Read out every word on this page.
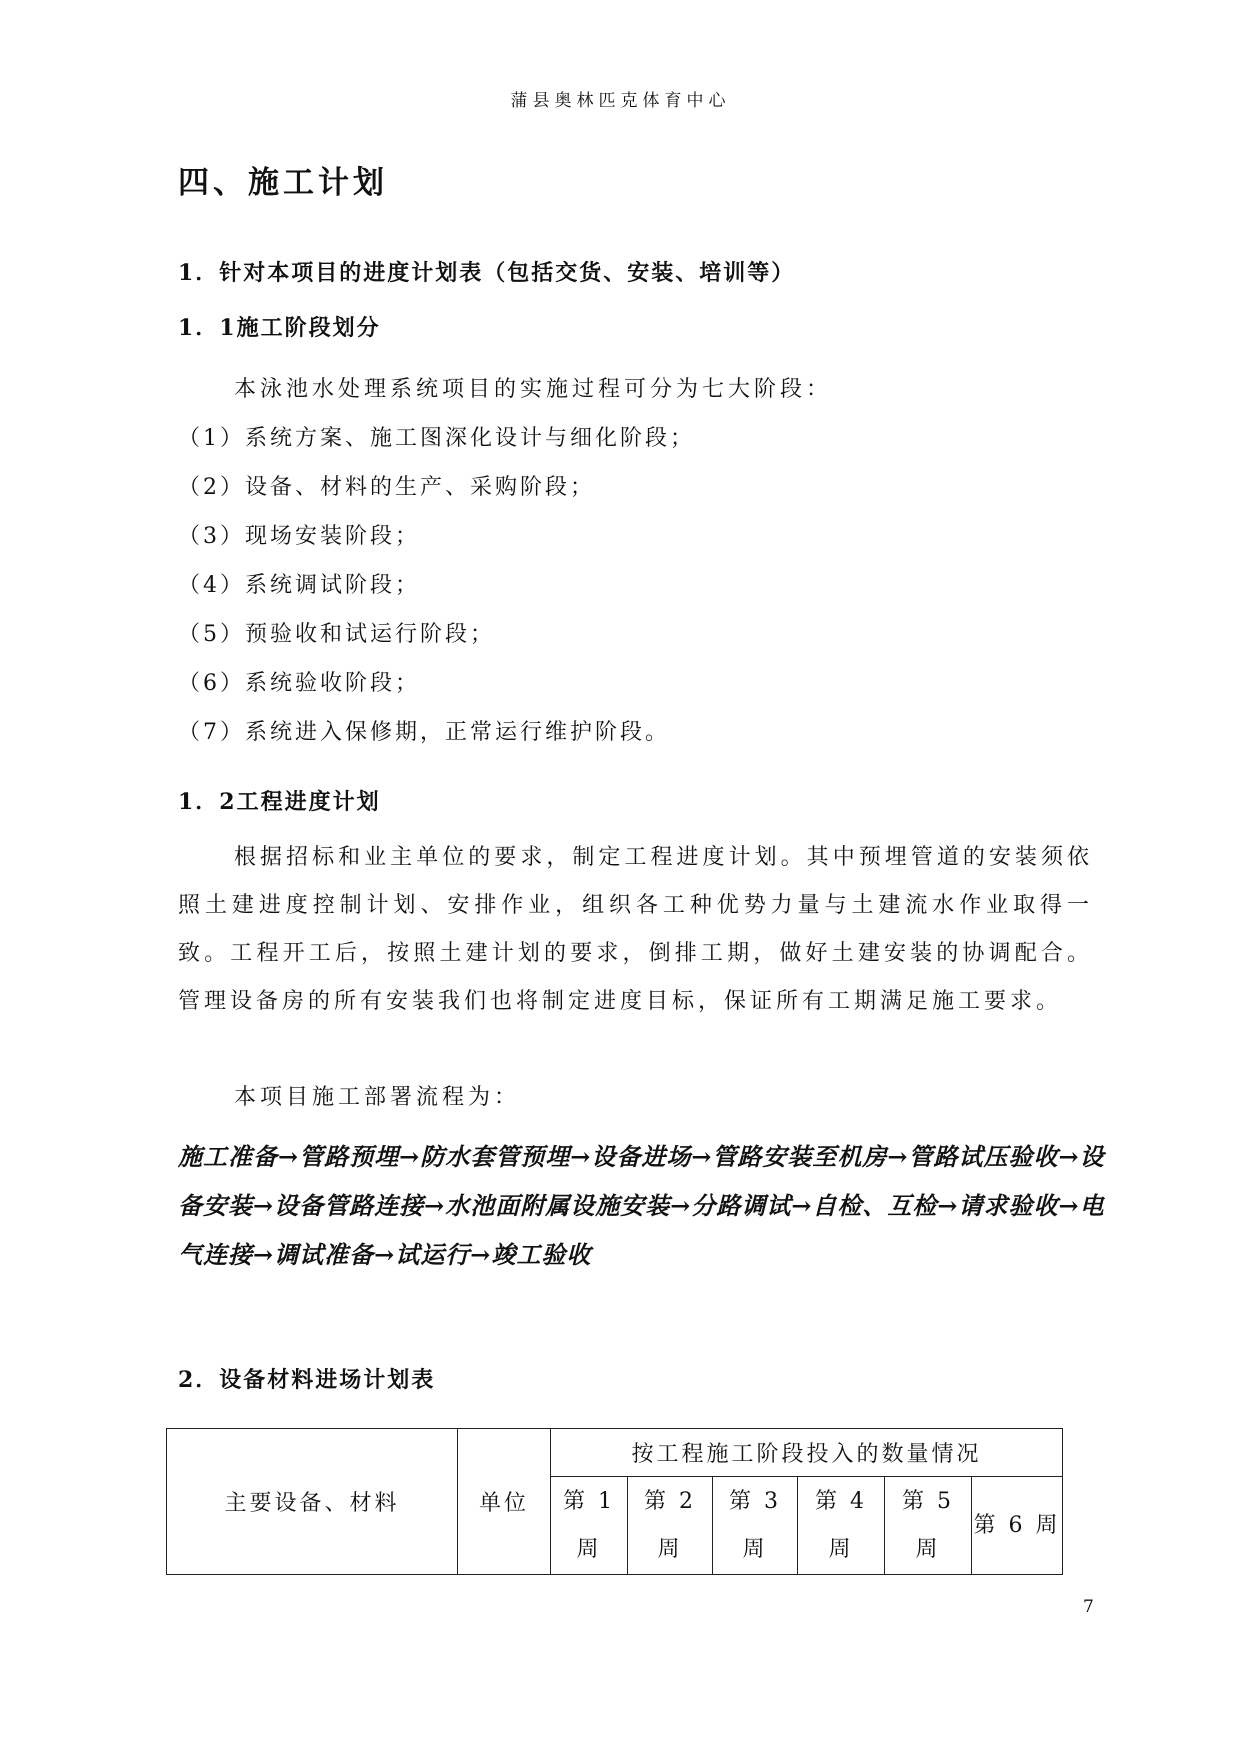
蒲县奥林匹克体育中心
四、施工计划
1．针对本项目的进度计划表（包括交货、安装、培训等）
1．1施工阶段划分

本泳池水处理系统项目的实施过程可分为七大阶段：

（1）系统方案、施工图深化设计与细化阶段；
（2）设备、材料的生产、采购阶段；
（3）现场安装阶段；
（4）系统调试阶段；
（5）预验收和试运行阶段；
（6）系统验收阶段；
（7）系统进入保修期，正常运行维护阶段。
1．2工程进度计划

根据招标和业主单位的要求，制定工程进度计划。其中预埋管道的安装须依照土建进度控制计划、安排作业，组织各工种优势力量与土建流水作业取得一致。工程开工后，按照土建计划的要求，倒排工期，做好土建安装的协调配合。管理设备房的所有安装我们也将制定进度目标，保证所有工期满足施工要求。

本项目施工部署流程为：

施工准备→管路预埋→防水套管预埋→设备进场→管路安装至机房→管路试压验收→设备安装→设备管路连接→水池面附属设施安装→分路调试→自检、互检→请求验收→电气连接→调试准备→试运行→竣工验收

2．设备材料进场计划表
主要设备、材料	单位	按工程施工阶段投入的数量情况					
		第 1 周	第 2 周	第 3 周	第 4 周	第 5 周	第 6 周
7
